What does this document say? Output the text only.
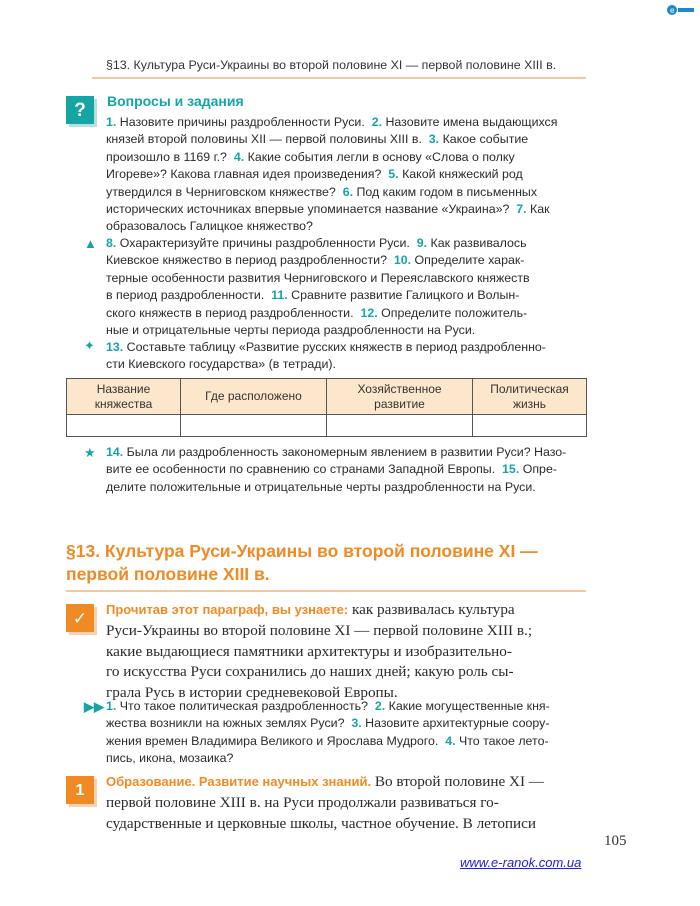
e
§13. Культура Руси-Украины во второй половине XI — первой половине XIII в.
?	Вопросы и задания
1. Назовите причины раздробленности Руси.  2. Назовите имена выдающихся
князей второй половины XII — первой половины XIII в.  3. Какое событие
произошло в 1169 г.?  4. Какие события легли в основу «Слова о полку
Игореве»? Какова главная идея произведения?  5. Какой княжеский род
утвердился в Черниговском княжестве?  6. Под каким годом в письменных
исторических источниках впервые упоминается название «Украина»?  7. Как
образовалось Галицкое княжество?
▲ 8. Охарактеризуйте причины раздробленности Руси.  9. Как развивалось
Киевское княжество в период раздробленности?  10. Определите харак-
терные особенности развития Черниговского и Переяславского княжеств
в период раздробленности.  11. Сравните развитие Галицкого и Волын-
ского княжеств в период раздробленности.  12. Определите положитель-
ные и отрицательные черты периода раздробленности на Руси.
✦ 13. Составьте таблицу «Развитие русских княжеств в период раздробленно-
сти Киевского государства» (в тетради).
Название княжества	Где расположено	Хозяйственное развитие	Политическая жизнь

★ 14. Была ли раздробленность закономерным явлением в развитии Руси? Назо-
вите ее особенности по сравнению со странами Западной Европы.  15. Опре-
делите положительные и отрицательные черты раздробленности на Руси.
§13. Культура Руси-Украины во второй половине XI —
первой половине XIII в.
✓	Прочитав этот параграф, вы узнаете: как развивалась культура
Руси-Украины во второй половине XI — первой половине XIII в.;
какие выдающиеся памятники архитектуры и изобразительно-
го искусства Руси сохранились до наших дней; какую роль сы-
грала Русь в истории средневековой Европы.
▶▶ 1. Что такое политическая раздробленность?  2. Какие могущественные кня-
жества возникли на южных землях Руси?  3. Назовите архитектурные соору-
жения времен Владимира Великого и Ярослава Мудрого.  4. Что такое лето-
пись, икона, мозаика?
1
Образование. Развитие научных знаний. Во второй половине XI —
первой половине XIII в. на Руси продолжали развиваться го-
сударственные и церковные школы, частное обучение. В летописи
105
www.e-ranok.com.ua
